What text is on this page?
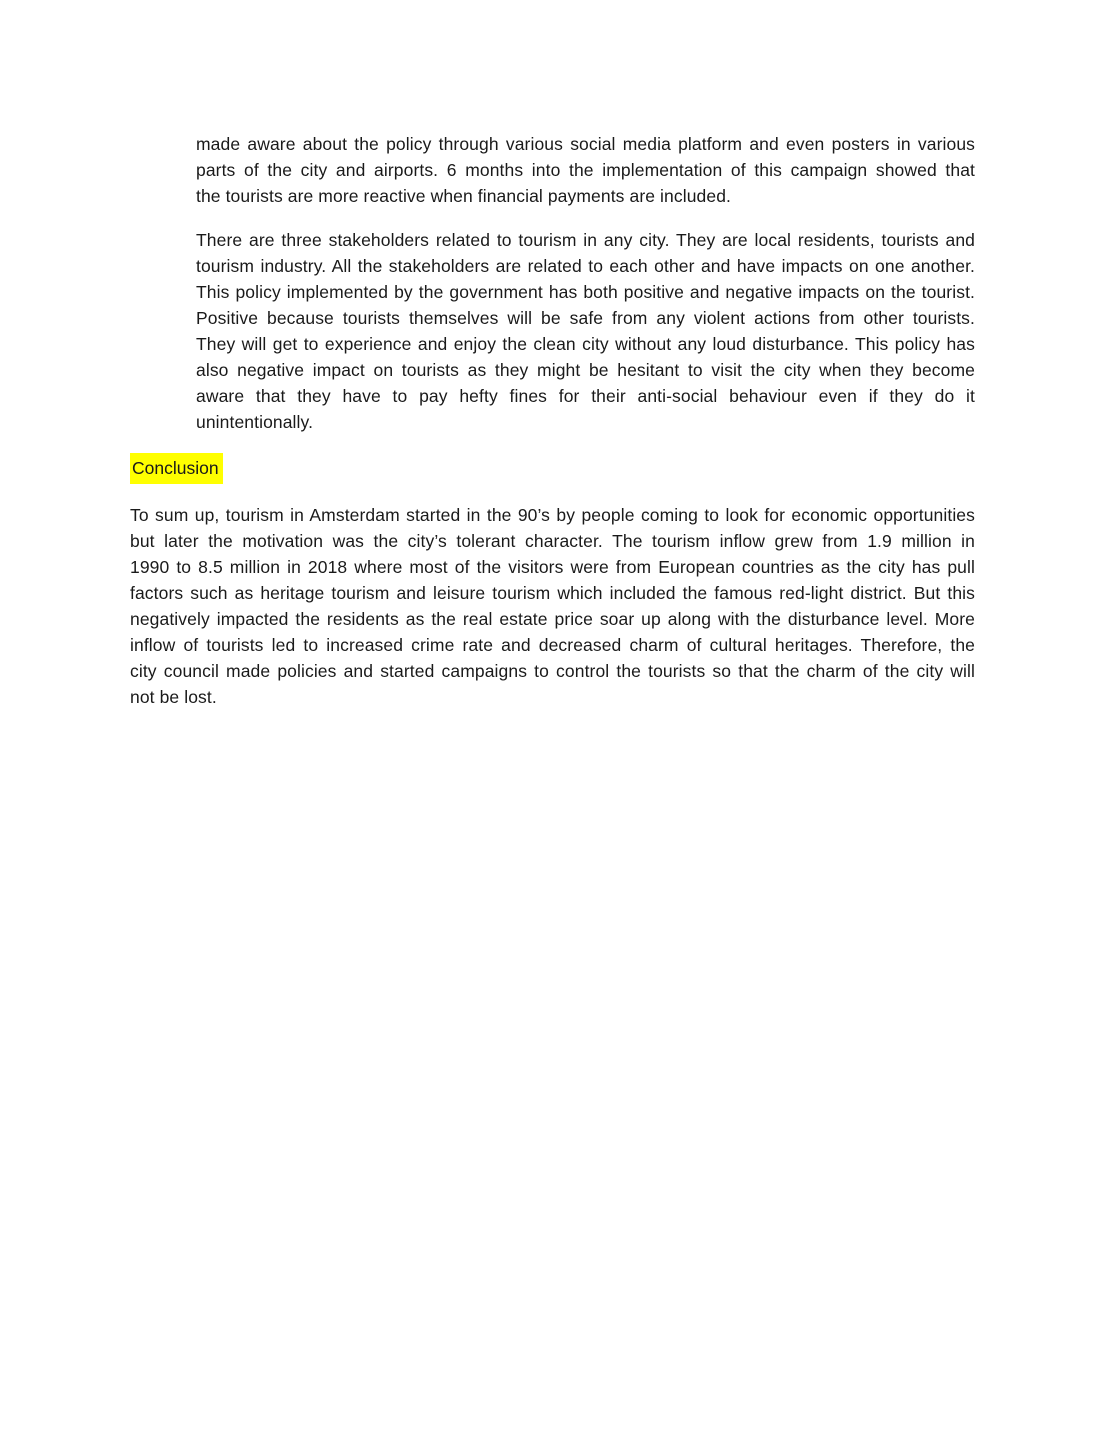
made aware about the policy through various social media platform and even posters in various
parts of the city and airports. 6 months into the implementation of this campaign showed that
the tourists are more reactive when financial payments are included.
There are three stakeholders related to tourism in any city. They are local residents, tourists and
tourism industry. All the stakeholders are related to each other and have impacts on one another.
This policy implemented by the government has both positive and negative impacts on the tourist.
Positive because tourists themselves will be safe from any violent actions from other tourists.
They will get to experience and enjoy the clean city without any loud disturbance. This policy has
also negative impact on tourists as they might be hesitant to visit the city when they become
aware that they have to pay hefty fines for their anti-social behaviour even if they do it
unintentionally.
Conclusion
To sum up, tourism in Amsterdam started in the 90’s by people coming to look for economic opportunities
but later the motivation was the city’s tolerant character. The tourism inflow grew from 1.9 million in
1990 to 8.5 million in 2018 where most of the visitors were from European countries as the city has pull
factors such as heritage tourism and leisure tourism which included the famous red-light district. But this
negatively impacted the residents as the real estate price soar up along with the disturbance level. More
inflow of tourists led to increased crime rate and decreased charm of cultural heritages. Therefore, the
city council made policies and started campaigns to control the tourists so that the charm of the city will
not be lost.
